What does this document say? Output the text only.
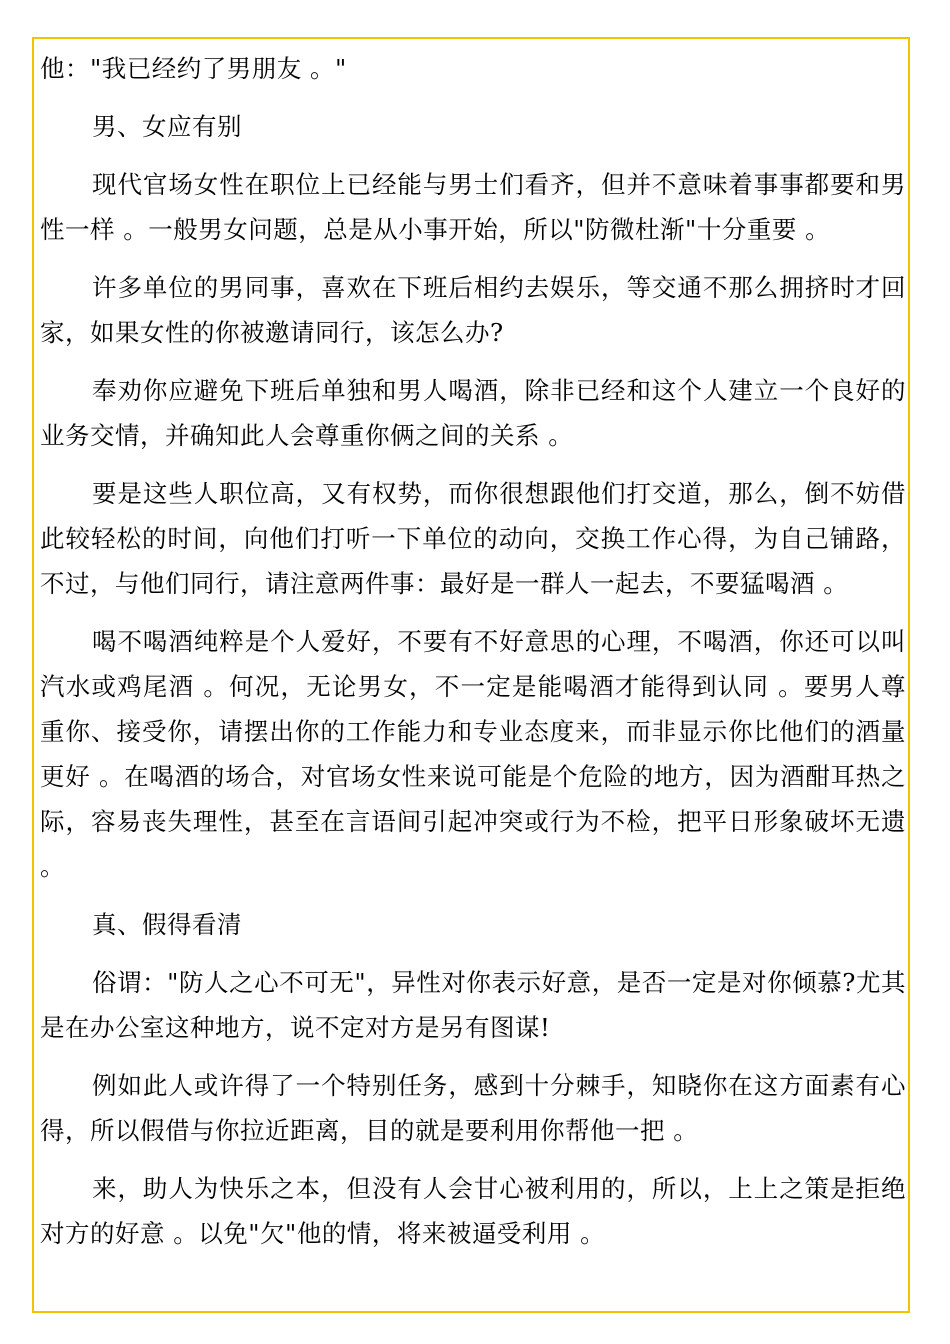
他："我已经约了男朋友 。"

男、女应有别

现代官场女性在职位上已经能与男士们看齐，但并不意味着事事都要和男性一样 。一般男女问题，总是从小事开始，所以"防微杜渐"十分重要 。

许多单位的男同事，喜欢在下班后相约去娱乐，等交通不那么拥挤时才回家，如果女性的你被邀请同行，该怎么办?

奉劝你应避免下班后单独和男人喝酒，除非已经和这个人建立一个良好的业务交情，并确知此人会尊重你俩之间的关系 。

要是这些人职位高，又有权势，而你很想跟他们打交道，那么，倒不妨借此较轻松的时间，向他们打听一下单位的动向，交换工作心得，为自己铺路，不过，与他们同行，请注意两件事：最好是一群人一起去，不要猛喝酒 。

喝不喝酒纯粹是个人爱好，不要有不好意思的心理，不喝酒，你还可以叫汽水或鸡尾酒 。何况，无论男女，不一定是能喝酒才能得到认同 。要男人尊重你、接受你，请摆出你的工作能力和专业态度来，而非显示你比他们的酒量更好 。在喝酒的场合，对官场女性来说可能是个危险的地方，因为酒酣耳热之际，容易丧失理性，甚至在言语间引起冲突或行为不检，把平日形象破坏无遗 。

真、假得看清

俗谓："防人之心不可无"，异性对你表示好意，是否一定是对你倾慕?尤其是在办公室这种地方，说不定对方是另有图谋!

例如此人或许得了一个特别任务，感到十分棘手，知晓你在这方面素有心得，所以假借与你拉近距离，目的就是要利用你帮他一把 。

来，助人为快乐之本，但没有人会甘心被利用的，所以，上上之策是拒绝对方的好意 。以免"欠"他的情，将来被逼受利用 。
